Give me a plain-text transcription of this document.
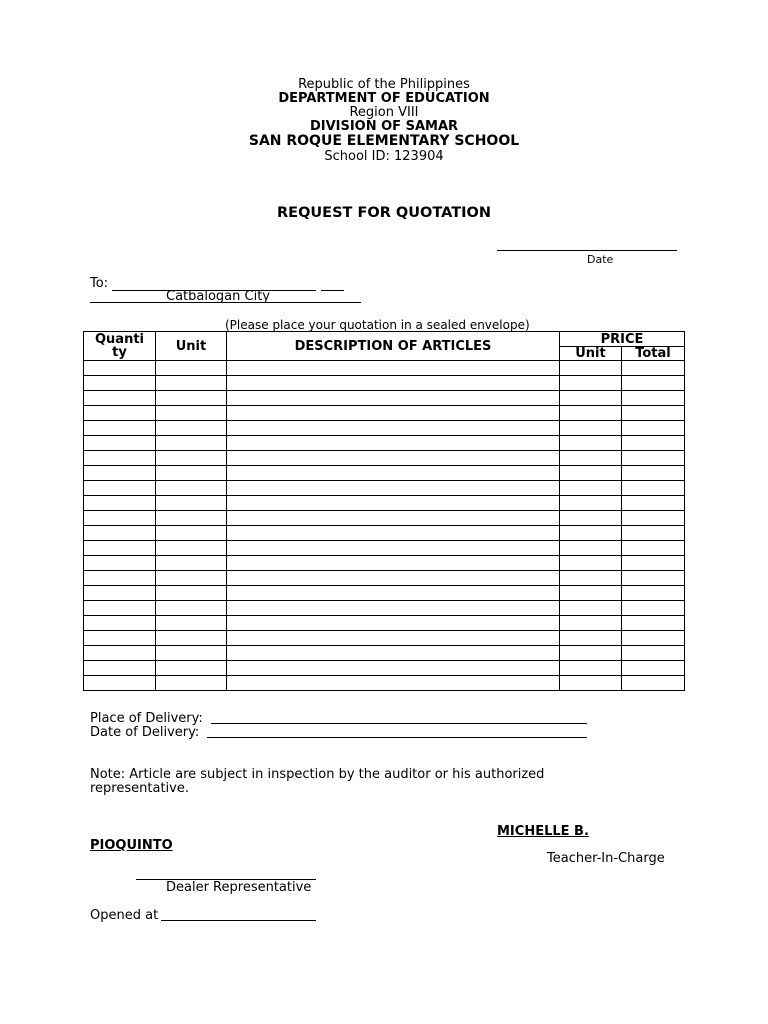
Republic of the Philippines
DEPARTMENT OF EDUCATION
Region VIII
DIVISION OF SAMAR
SAN ROQUE ELEMENTARY SCHOOL
School ID: 123904
REQUEST FOR QUOTATION
Date
To:
Catbalogan City
(Please place your quotation in a sealed envelope)
Quanti
ty	Unit	DESCRIPTION OF ARTICLES	PRICE	
			Unit	Total

Place of Delivery:
Date of Delivery:
Note: Article are subject in inspection by the auditor or his authorized
representative.
MICHELLE B.
PIOQUINTO
Teacher-In-Charge
Dealer Representative
Opened at
